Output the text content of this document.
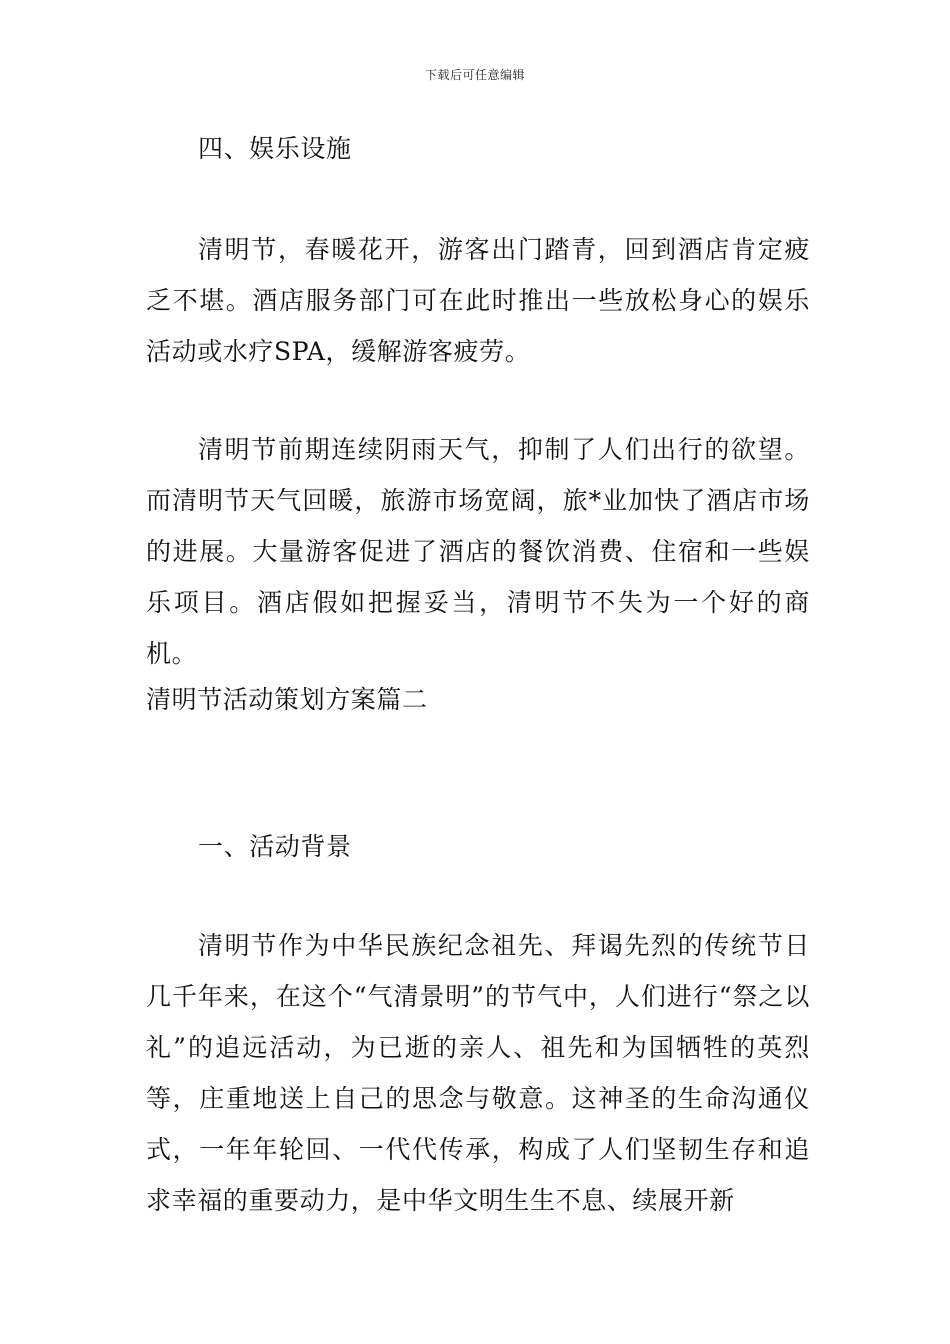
下载后可任意编辑
四、娱乐设施

清明节，春暖花开，游客出门踏青，回到酒店肯定疲乏不堪。酒店服务部门可在此时推出一些放松身心的娱乐活动或水疗SPA，缓解游客疲劳。

清明节前期连续阴雨天气，抑制了人们出行的欲望。而清明节天气回暖，旅游市场宽阔，旅*业加快了酒店市场的进展。大量游客促进了酒店的餐饮消费、住宿和一些娱乐项目。酒店假如把握妥当，清明节不失为一个好的商机。

清明节活动策划方案篇二
一、活动背景

清明节作为中华民族纪念祖先、拜谒先烈的传统节日几千年来，在这个“气清景明”的节气中，人们进行“祭之以礼”的追远活动，为已逝的亲人、祖先和为国牺牲的英烈等，庄重地送上自己的思念与敬意。这神圣的生命沟通仪式，一年年轮回、一代代传承，构成了人们坚韧生存和追求幸福的重要动力，是中华文明生生不息、续展开新
